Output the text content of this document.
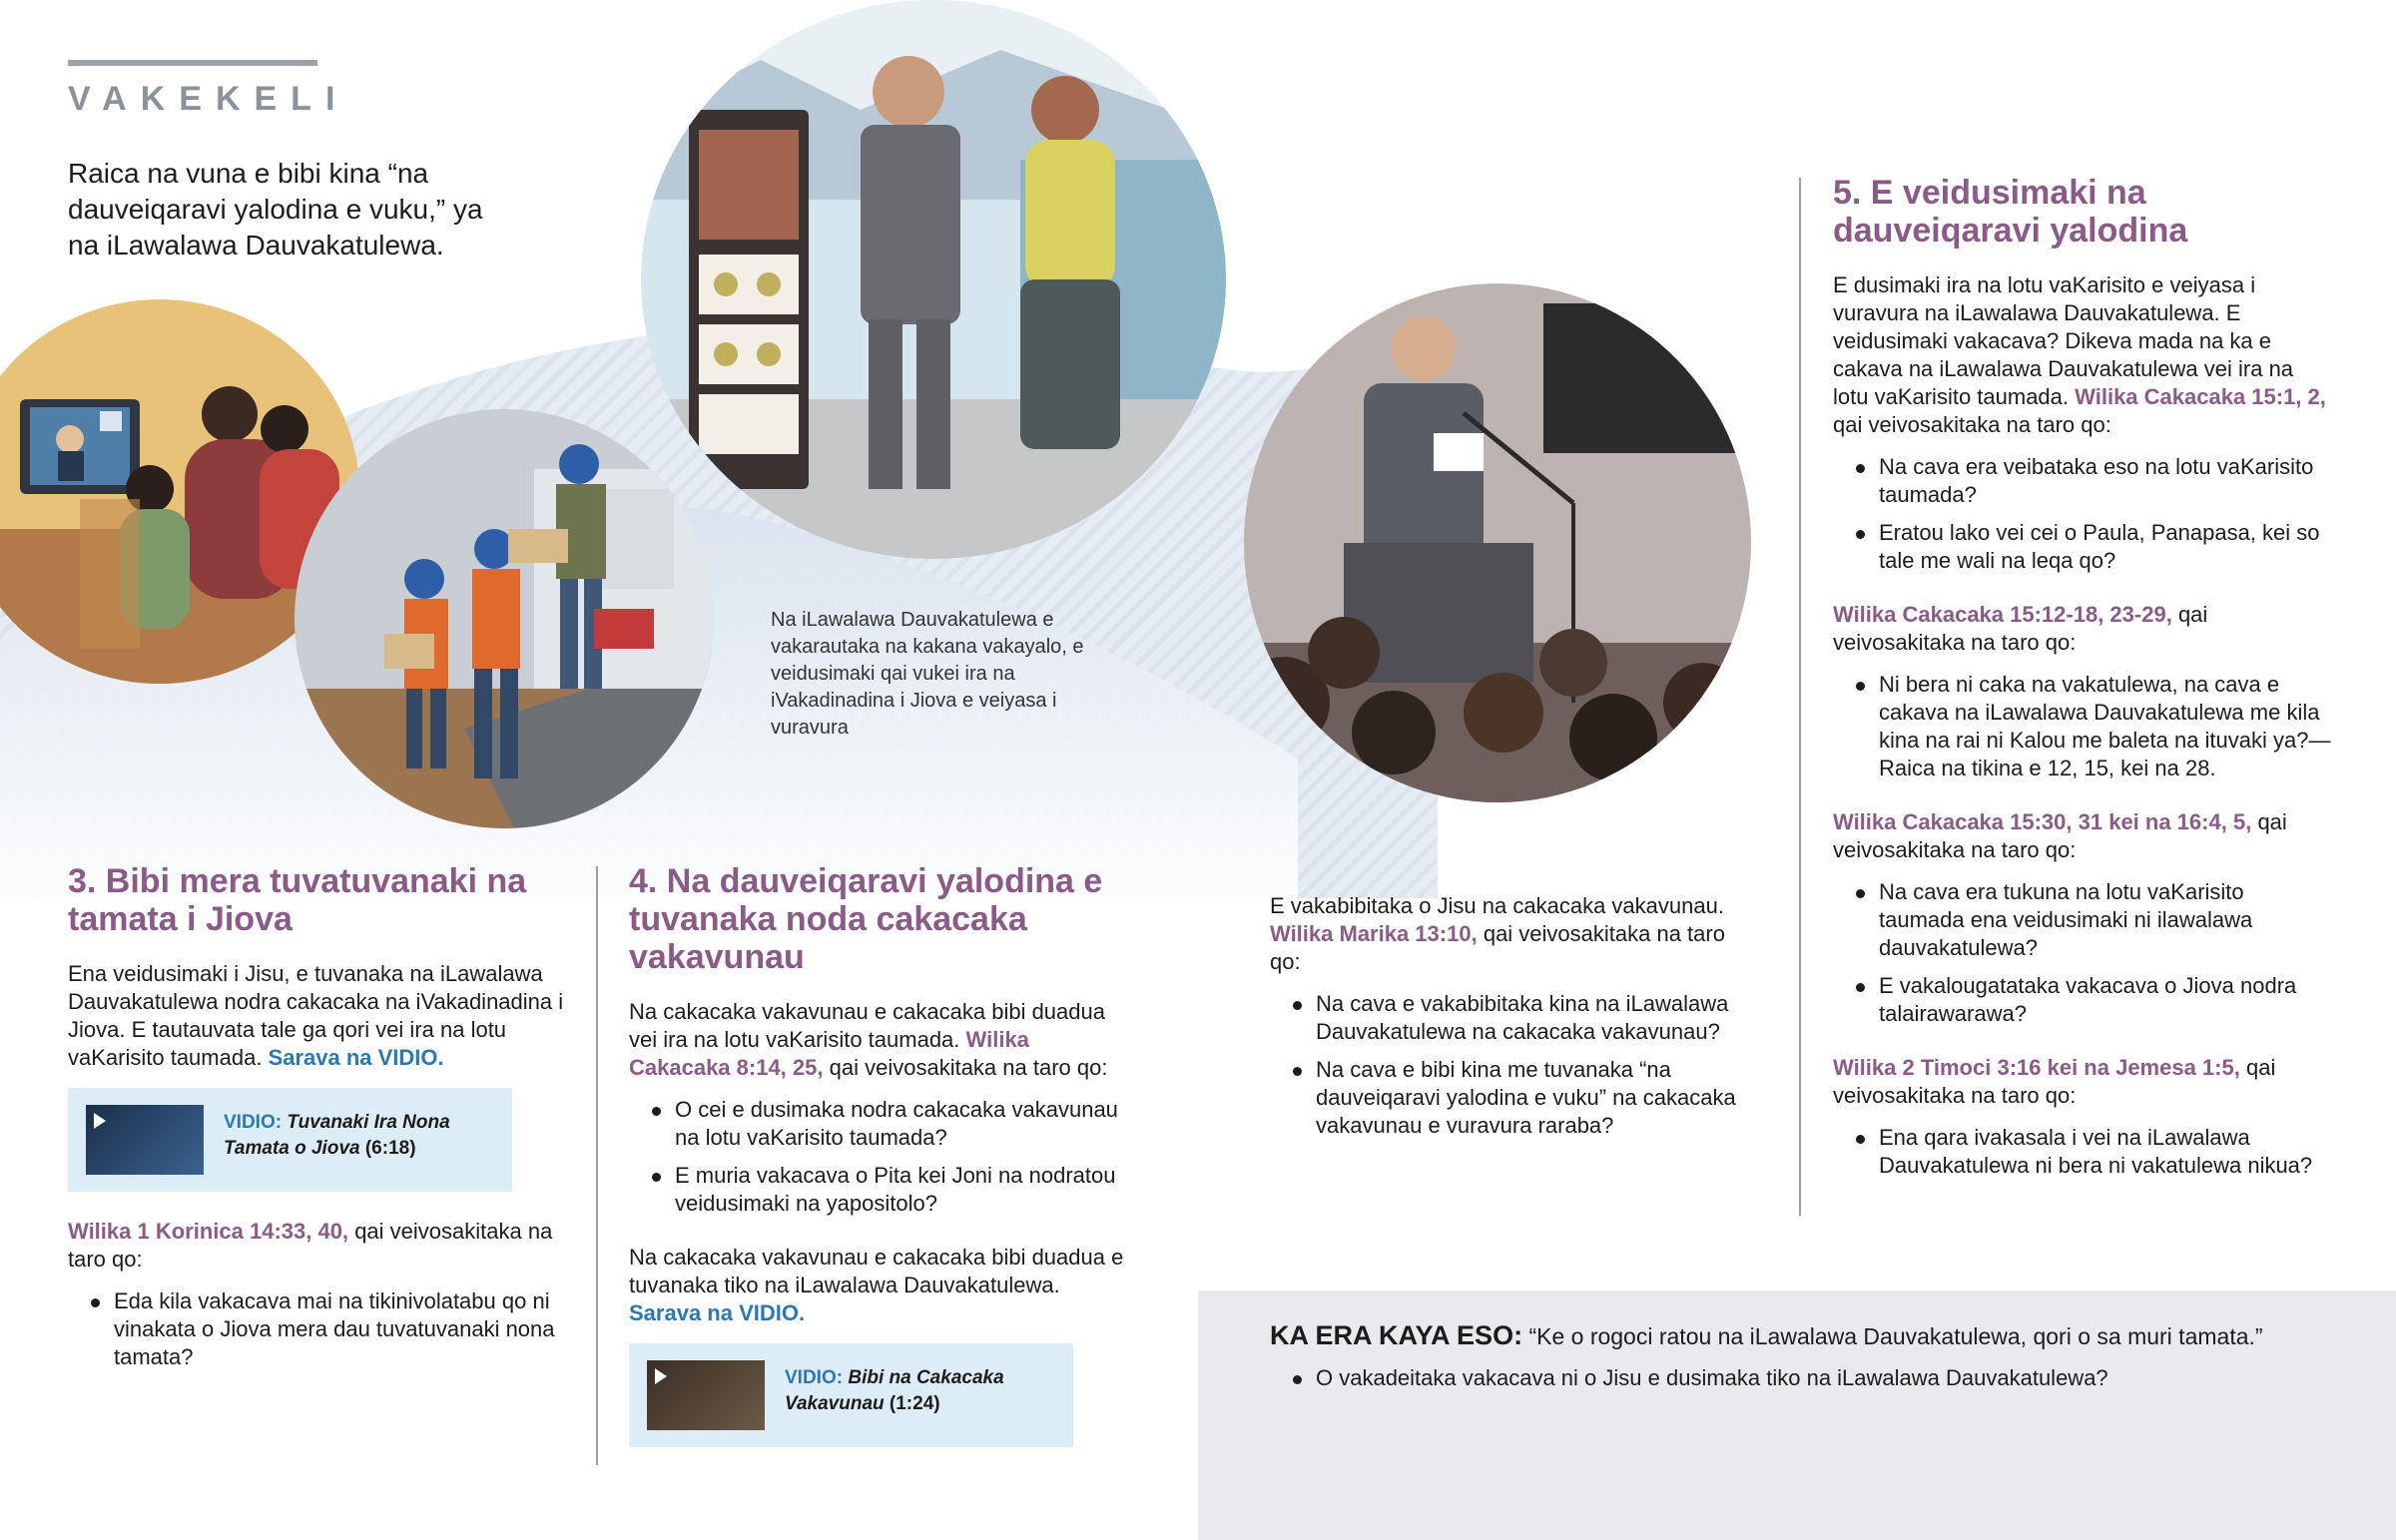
VAKEKELI
Raica na vuna e bibi kina “na dauveiqaravi yalodina e vuku,” ya na iLawalawa Dauvakatulewa.
Na iLawalawa Dauvakatulewa e vakarautaka na kakana vakayalo, e veidusimaki qai vukei ira na iVakadinadina i Jiova e veiyasa i vuravura
3. Bibi mera tuvatuvanaki na tamata i Jiova

Ena veidusimaki i Jisu, e tuvanaka na iLawalawa Dauvakatulewa nodra cakacaka na iVakadinadina i Jiova. E tautauvata tale ga qori vei ira na lotu vaKarisito taumada. Sarava na VIDIO.

VIDIO: Tuvanaki Ira Nona Tamata o Jiova (6:18)

Wilika 1 Korinica 14:33, 40, qai veivosakitaka na taro qo:

Eda kila vakacava mai na tikinivolatabu qo ni vinakata o Jiova mera dau tuvatuvanaki nona tamata?
4. Na dauveiqaravi yalodina e tuvanaka noda cakacaka vakavunau

Na cakacaka vakavunau e cakacaka bibi duadua vei ira na lotu vaKarisito taumada. Wilika Cakacaka 8:14, 25, qai veivosakitaka na taro qo:

O cei e dusimaka nodra cakacaka vakavunau na lotu vaKarisito taumada?
E muria vakacava o Pita kei Joni na nodratou veidusimaki na yapositolo?

Na cakacaka vakavunau e cakacaka bibi duadua e tuvanaka tiko na iLawalawa Dauvakatulewa. Sarava na VIDIO.

VIDIO: Bibi na Cakacaka Vakavunau (1:24)

E vakabibitaka o Jisu na cakacaka vakavunau. Wilika Marika 13:10, qai veivosakitaka na taro qo:

Na cava e vakabibitaka kina na iLawalawa Dauvakatulewa na cakacaka vakavunau?
Na cava e bibi kina me tuvanaka “na dauveiqaravi yalodina e vuku” na cakacaka vakavunau e vuravura raraba?
5. E veidusimaki na dauveiqaravi yalodina

E dusimaki ira na lotu vaKarisito e veiyasa i vuravura na iLawalawa Dauvakatulewa. E veidusimaki vakacava? Dikeva mada na ka e cakava na iLawalawa Dauvakatulewa vei ira na lotu vaKarisito taumada. Wilika Cakacaka 15:1, 2, qai veivosakitaka na taro qo:

Na cava era veibataka eso na lotu vaKarisito taumada?
Eratou lako vei cei o Paula, Panapasa, kei so tale me wali na leqa qo?

Wilika Cakacaka 15:12-18, 23-29, qai veivosakitaka na taro qo:

Ni bera ni caka na vakatulewa, na cava e cakava na iLawalawa Dauvakatulewa me kila kina na rai ni Kalou me baleta na ituvaki ya?—Raica na tikina e 12, 15, kei na 28.

Wilika Cakacaka 15:30, 31 kei na 16:4, 5, qai veivosakitaka na taro qo:

Na cava era tukuna na lotu vaKarisito taumada ena veidusimaki ni ilawalawa dauvakatulewa?
E vakalougatataka vakacava o Jiova nodra talairawarawa?

Wilika 2 Timoci 3:16 kei na Jemesa 1:5, qai veivosakitaka na taro qo:

Ena qara ivakasala i vei na iLawalawa Dauvakatulewa ni bera ni vakatulewa nikua?
KA ERA KAYA ESO: “Ke o rogoci ratou na iLawalawa Dauvakatulewa, qori o sa muri tamata.”
O vakadeitaka vakacava ni o Jisu e dusimaka tiko na iLawalawa Dauvakatulewa?
